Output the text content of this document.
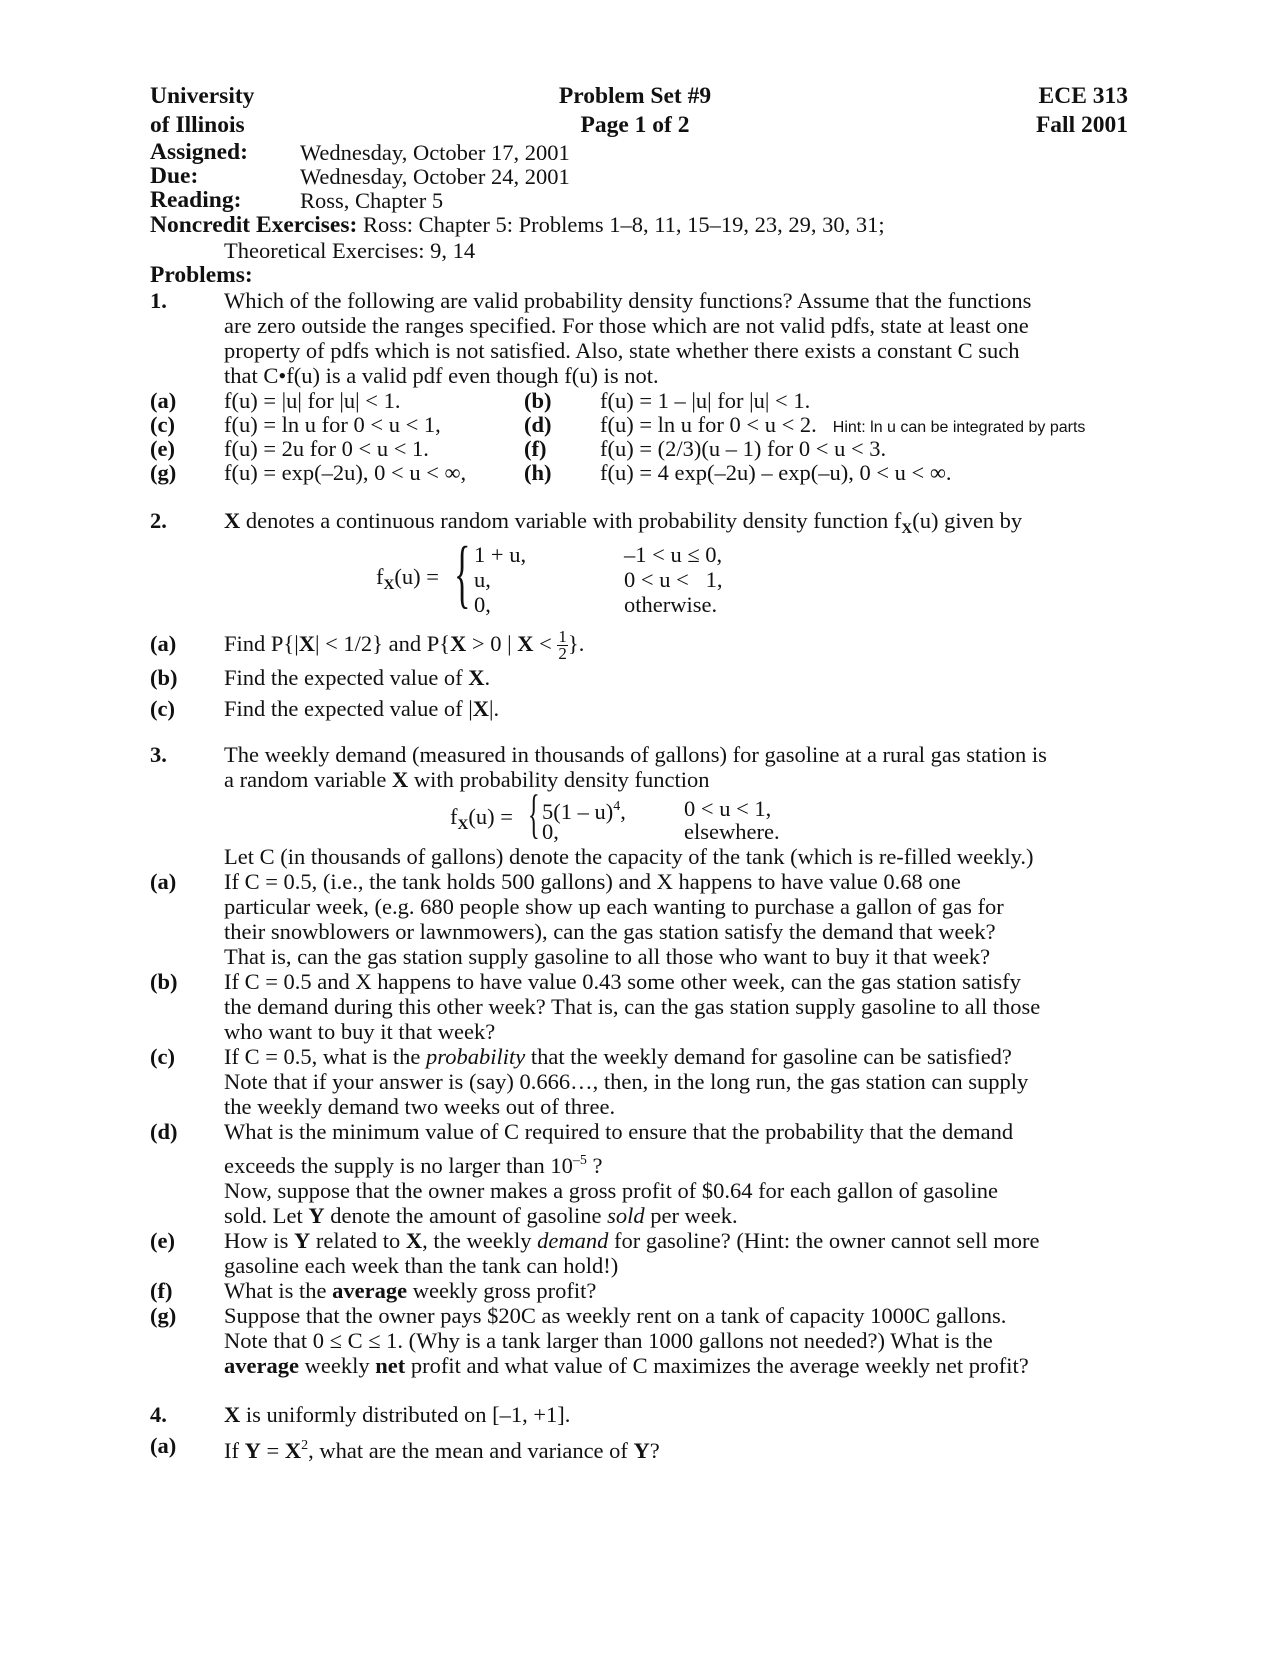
University
of Illinois
Problem Set #9
Page 1 of 2
ECE 313
Fall 2001
Assigned: Wednesday, October 17, 2001
Due:	Wednesday, October 24, 2001
Reading:	Ross, Chapter 5
Noncredit Exercises: Ross: Chapter 5: Problems 1–8, 11, 15–19, 23, 29, 30, 31;
Theoretical Exercises: 9, 14
Problems:
1.	Which of the following are valid probability density functions? Assume that the functions
are zero outside the ranges specified. For those which are not valid pdfs, state at least one
property of pdfs which is not satisfied. Also, state whether there exists a constant C such
that C•f(u) is a valid pdf even though f(u) is not.
(a) f(u) = |u| for |u| < 1.	(b) f(u) = 1 – |u| for |u| < 1.
(c) f(u) = ln u for 0 < u < 1,	(d) f(u) = ln u for 0 < u < 2. Hint: ln u can be integrated by parts
(e) f(u) = 2u for 0 < u < 1.	(f) f(u) = (2/3)(u – 1) for 0 < u < 3.
(g) f(u) = exp(–2u), 0 < u < ∞,	(h) f(u) = 4 exp(–2u) – exp(–u), 0 < u < ∞.
2.	X denotes a continuous random variable with probability density function $f_X(u)$ given by
$f_X(u)$ = { 1 + u,	–1 < u ≤ 0,
u,	0 < u <   1,
0,	otherwise.
(a) Find P{|X| < 1/2} and P{X > 0 | $X < \frac{1}{2}$ }.
(b) Find the expected value of X.
(c) Find the expected value of |X|.
3.	The weekly demand (measured in thousands of gallons) for gasoline at a rural gas station is
a random variable X with probability density function
$f_X(u)$ = { 5(1 – u)$^4$,	0 < u < 1,
0,	elsewhere.
Let C (in thousands of gallons) denote the capacity of the tank (which is re-filled weekly.)
(a) If C = 0.5, (i.e., the tank holds 500 gallons) and X happens to have value 0.68 one
particular week, (e.g. 680 people show up each wanting to purchase a gallon of gas for
their snowblowers or lawnmowers), can the gas station satisfy the demand that week?
That is, can the gas station supply gasoline to all those who want to buy it that week?
(b) If C = 0.5 and X happens to have value 0.43 some other week, can the gas station satisfy
the demand during this other week? That is, can the gas station supply gasoline to all those
who want to buy it that week?
(c) If C = 0.5, what is the probability that the weekly demand for gasoline can be satisfied?
Note that if your answer is (say) 0.666…, then, in the long run, the gas station can supply
the weekly demand two weeks out of three.
(d) What is the minimum value of C required to ensure that the probability that the demand
exceeds the supply is no larger than $10^{-5}$ ?
Now, suppose that the owner makes a gross profit of $0.64 for each gallon of gasoline
sold. Let Y denote the amount of gasoline sold per week.
(e) How is Y related to X, the weekly demand for gasoline? (Hint: the owner cannot sell more
gasoline each week than the tank can hold!)
(f) What is the average weekly gross profit?
(g) Suppose that the owner pays $20C as weekly rent on a tank of capacity 1000C gallons.
Note that 0 ≤ C ≤ 1. (Why is a tank larger than 1000 gallons not needed?) What is the
average weekly net profit and what value of C maximizes the average weekly net profit?
4.	X is uniformly distributed on [–1, +1].
(a) If $Y = X^2$, what are the mean and variance of Y?
